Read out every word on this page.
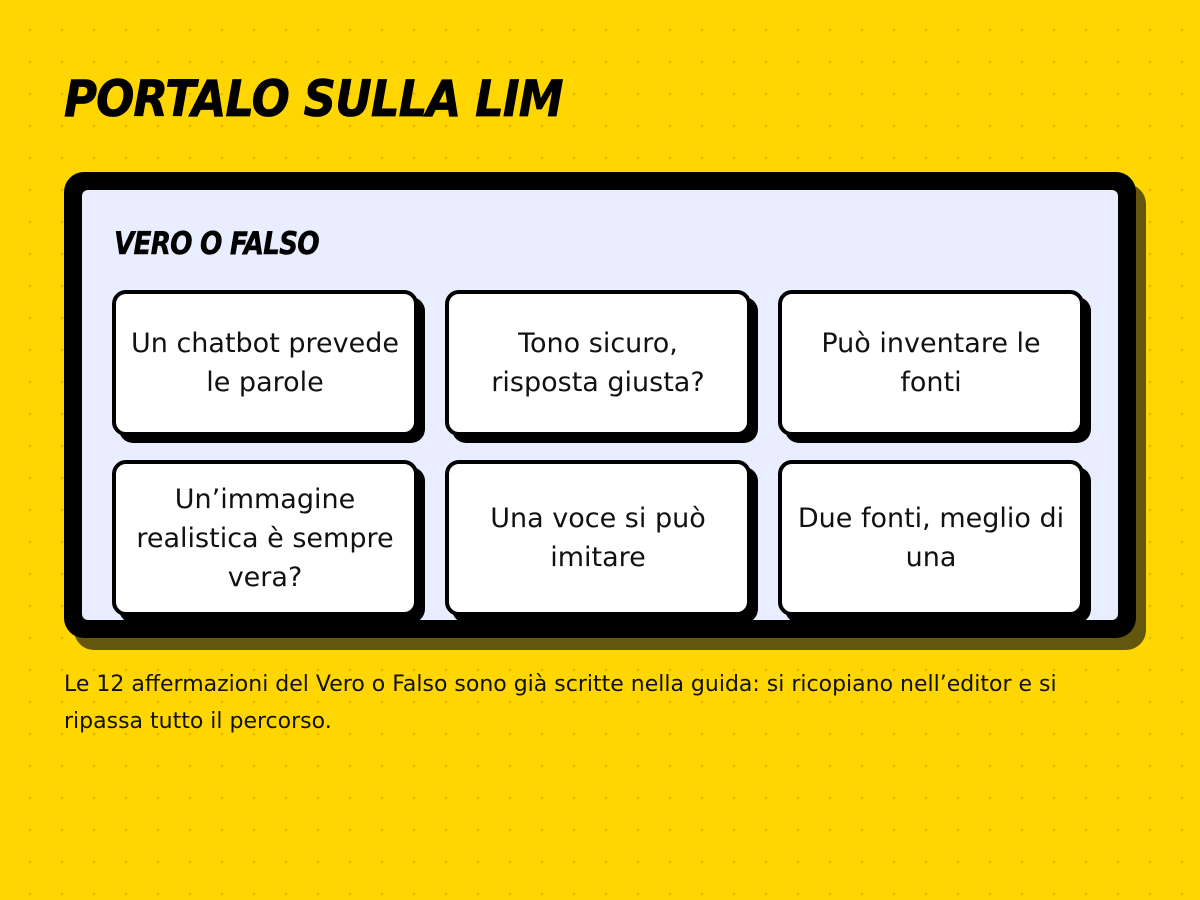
PORTALO SULLA LIM
VERO O FALSO
Un chatbot prevede le parole
Tono sicuro, risposta giusta?
Può inventare le fonti
Un’immagine realistica è sempre vera?
Una voce si può imitare
Due fonti, meglio di una

Le 12 affermazioni del Vero o Falso sono già scritte nella guida: si ricopiano nell’editor e si ripassa tutto il percorso.
